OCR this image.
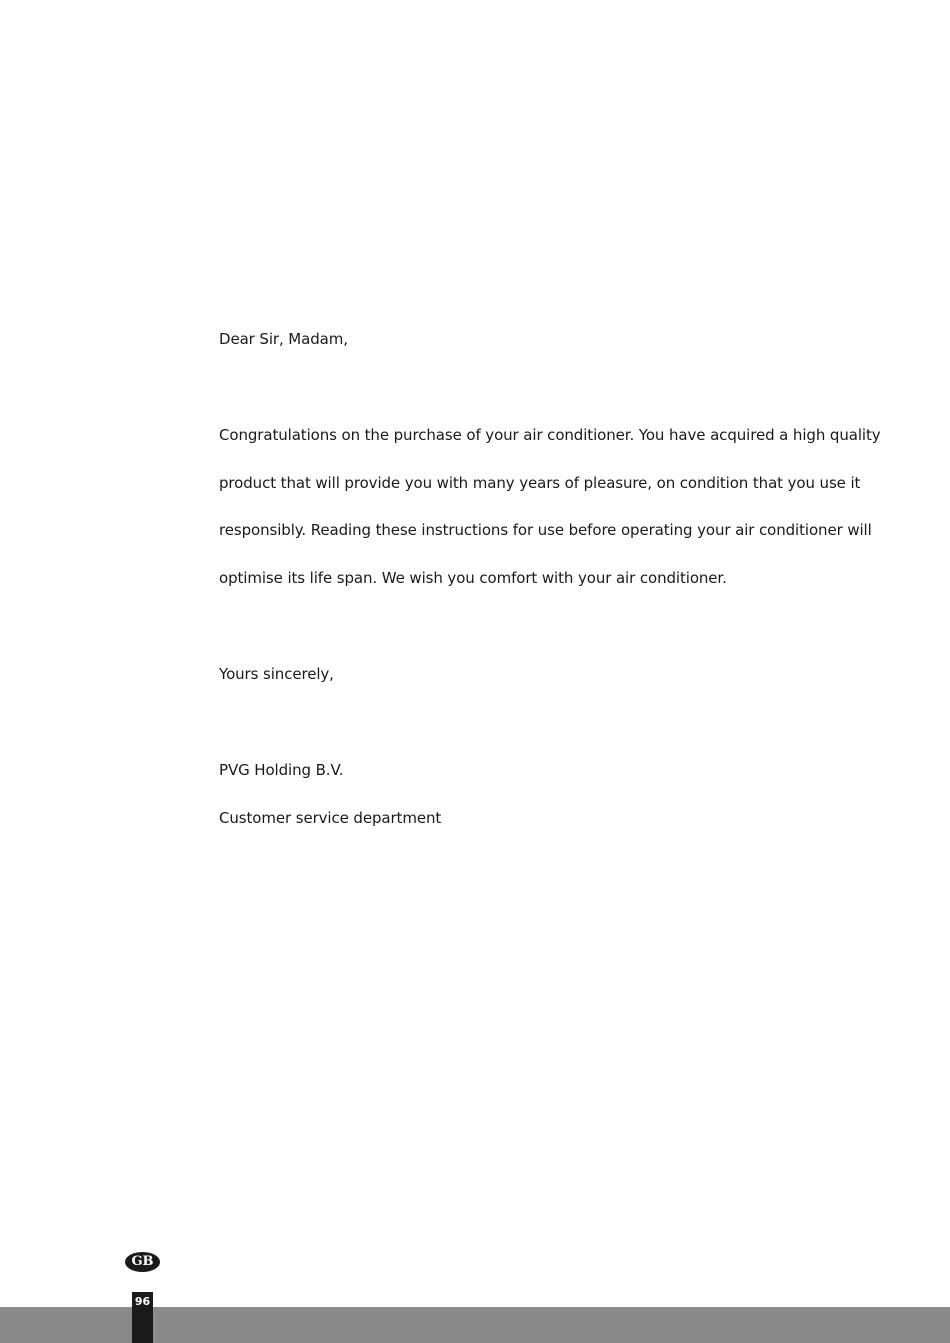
Dear Sir, Madam,
Congratulations on the purchase of your air conditioner. You have acquired a high quality
product that will provide you with many years of pleasure, on condition that you use it
responsibly. Reading these instructions for use before operating your air conditioner will
optimise its life span. We wish you comfort with your air conditioner.
Yours sincerely,
PVG Holding B.V.
Customer service department
GB
96
